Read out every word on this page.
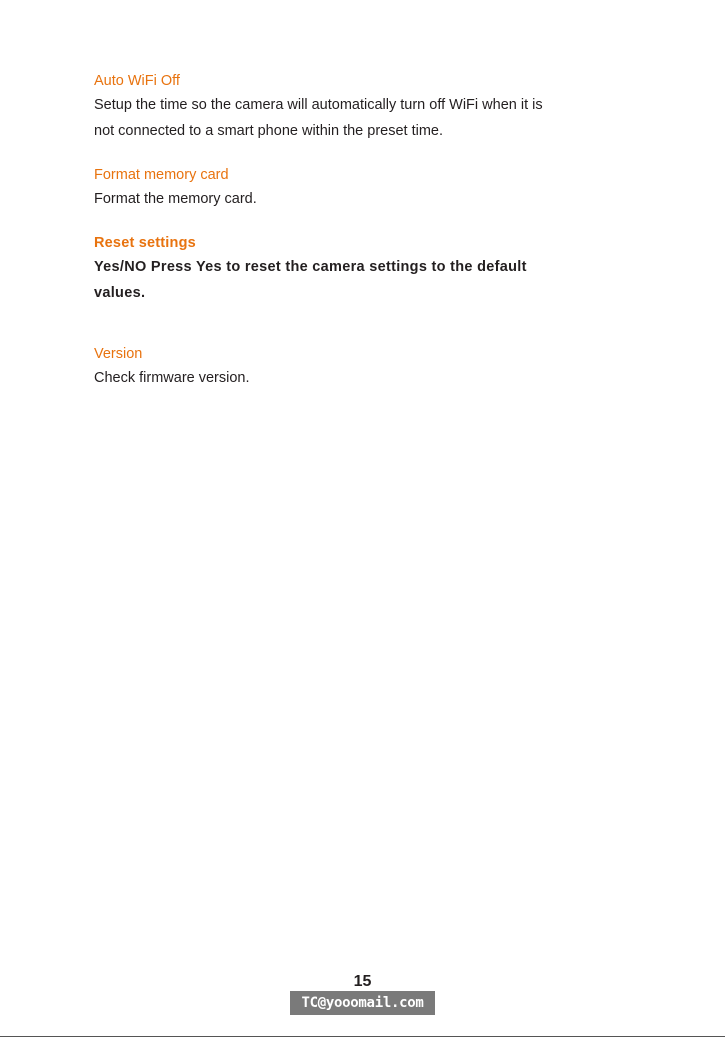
Auto WiFi Off

Setup the time so the camera will automatically turn off WiFi when it is

not connected to a smart phone within the preset time.

Format memory card

Format the memory card.

Reset settings

Yes/NO Press Yes to reset the camera settings to the default

values.

Version

Check firmware version.

15
TC@yooomail.com
